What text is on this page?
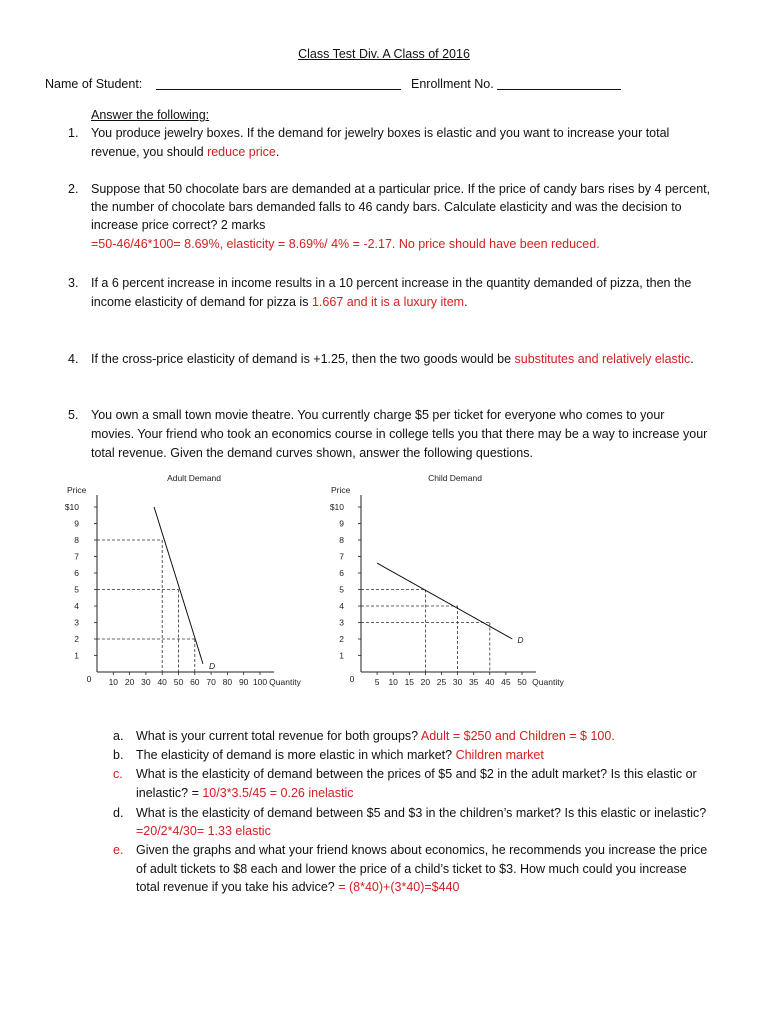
Class Test Div. A Class of 2016
Name of Student:	Enrollment No.
Answer the following:
1. You produce jewelry boxes. If the demand for jewelry boxes is elastic and you want to increase your total
revenue, you should reduce price.
2. Suppose that 50 chocolate bars are demanded at a particular price. If the price of candy bars rises by 4 percent,
the number of chocolate bars demanded falls to 46 candy bars. Calculate elasticity and was the decision to
increase price correct? 2 marks
=50-46/46*100= 8.69%, elasticity = 8.69%/ 4% = -2.17. No price should have been reduced.
3. If a 6 percent increase in income results in a 10 percent increase in the quantity demanded of pizza, then the
income elasticity of demand for pizza is 1.667 and it is a luxury item.
4. If the cross-price elasticity of demand is +1.25, then the two goods would be substitutes and relatively elastic.
5. You own a small town movie theatre. You currently charge $5 per ticket for everyone who comes to your
movies. Your friend who took an economics course in college tells you that there may be a way to increase your
total revenue. Given the demand curves shown, answer the following questions.
Adult Demand
Price
$10
9
8
7
6
5
4
3
2
1
0 10 20 30 40 50 60 70 80 90 100 Quantity
D
Child Demand
Price
$10
9
8
7
6
5
4
3
2
1
0 5 10 15 20 25 30 35 40 45 50 Quantity
D
a. What is your current total revenue for both groups? Adult = $250 and Children = $ 100.
b. The elasticity of demand is more elastic in which market? Children market
c. What is the elasticity of demand between the prices of $5 and $2 in the adult market? Is this elastic or
inelastic? = 10/3*3.5/45 = 0.26 inelastic
d. What is the elasticity of demand between $5 and $3 in the children’s market? Is this elastic or inelastic?
=20/2*4/30= 1.33 elastic
e. Given the graphs and what your friend knows about economics, he recommends you increase the price
of adult tickets to $8 each and lower the price of a child’s ticket to $3. How much could you increase
total revenue if you take his advice? = (8*40)+(3*40)=$440
